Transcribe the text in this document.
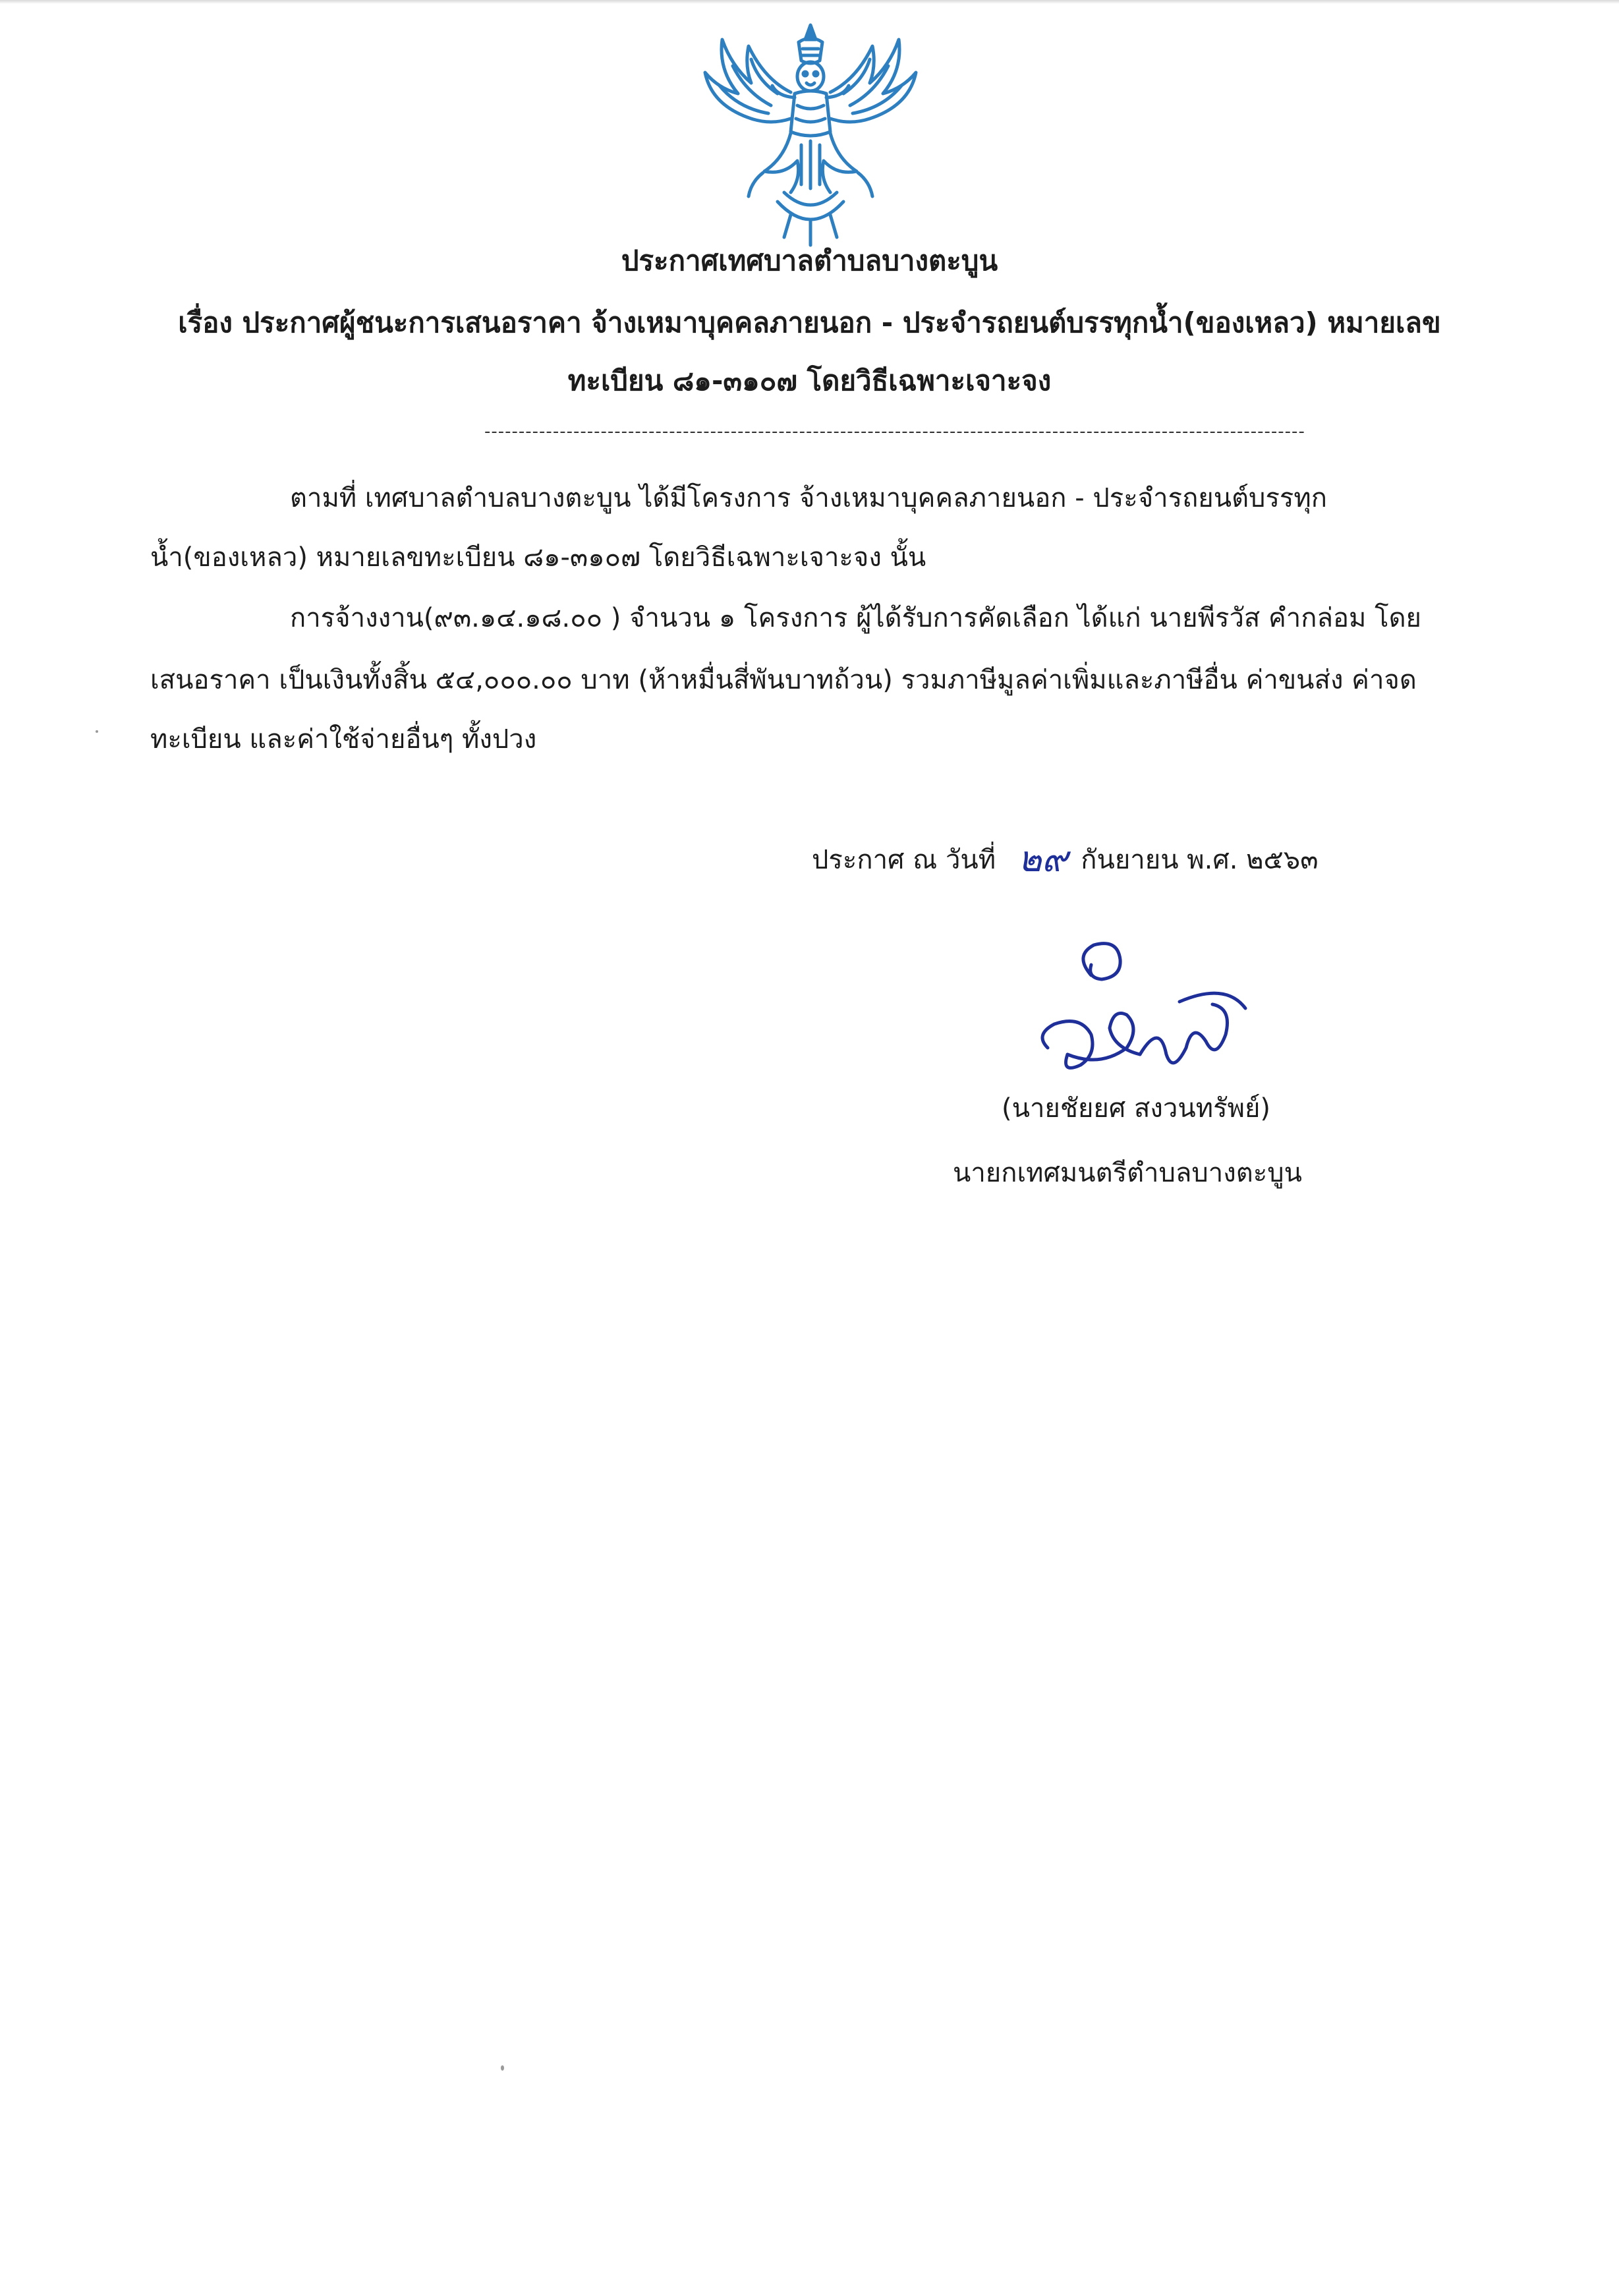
ประกาศเทศบาลตำบลบางตะบูน
เรื่อง ประกาศผู้ชนะการเสนอราคา จ้างเหมาบุคคลภายนอก - ประจำรถยนต์บรรทุกน้ำ(ของเหลว) หมายเลข
ทะเบียน ๘๑-๓๑๐๗ โดยวิธีเฉพาะเจาะจง
------------------------------------------------------------------------------------------------------------------------
ตามที่ เทศบาลตำบลบางตะบูน ได้มีโครงการ จ้างเหมาบุคคลภายนอก - ประจำรถยนต์บรรทุก
น้ำ(ของเหลว) หมายเลขทะเบียน ๘๑-๓๑๐๗ โดยวิธีเฉพาะเจาะจง นั้น
การจ้างงาน(๙๓.๑๔.๑๘.๐๐ ) จำนวน ๑ โครงการ ผู้ได้รับการคัดเลือก ได้แก่ นายพีรวัส คำกล่อม โดย
เสนอราคา เป็นเงินทั้งสิ้น ๕๔,๐๐๐.๐๐ บาท (ห้าหมื่นสี่พันบาทถ้วน) รวมภาษีมูลค่าเพิ่มและภาษีอื่น ค่าขนส่ง ค่าจด
ทะเบียน และค่าใช้จ่ายอื่นๆ ทั้งปวง
ประกาศ ณ วันที่ ๒๙ กันยายน พ.ศ. ๒๕๖๓
(นายชัยยศ สงวนทรัพย์)
นายกเทศมนตรีตำบลบางตะบูน
